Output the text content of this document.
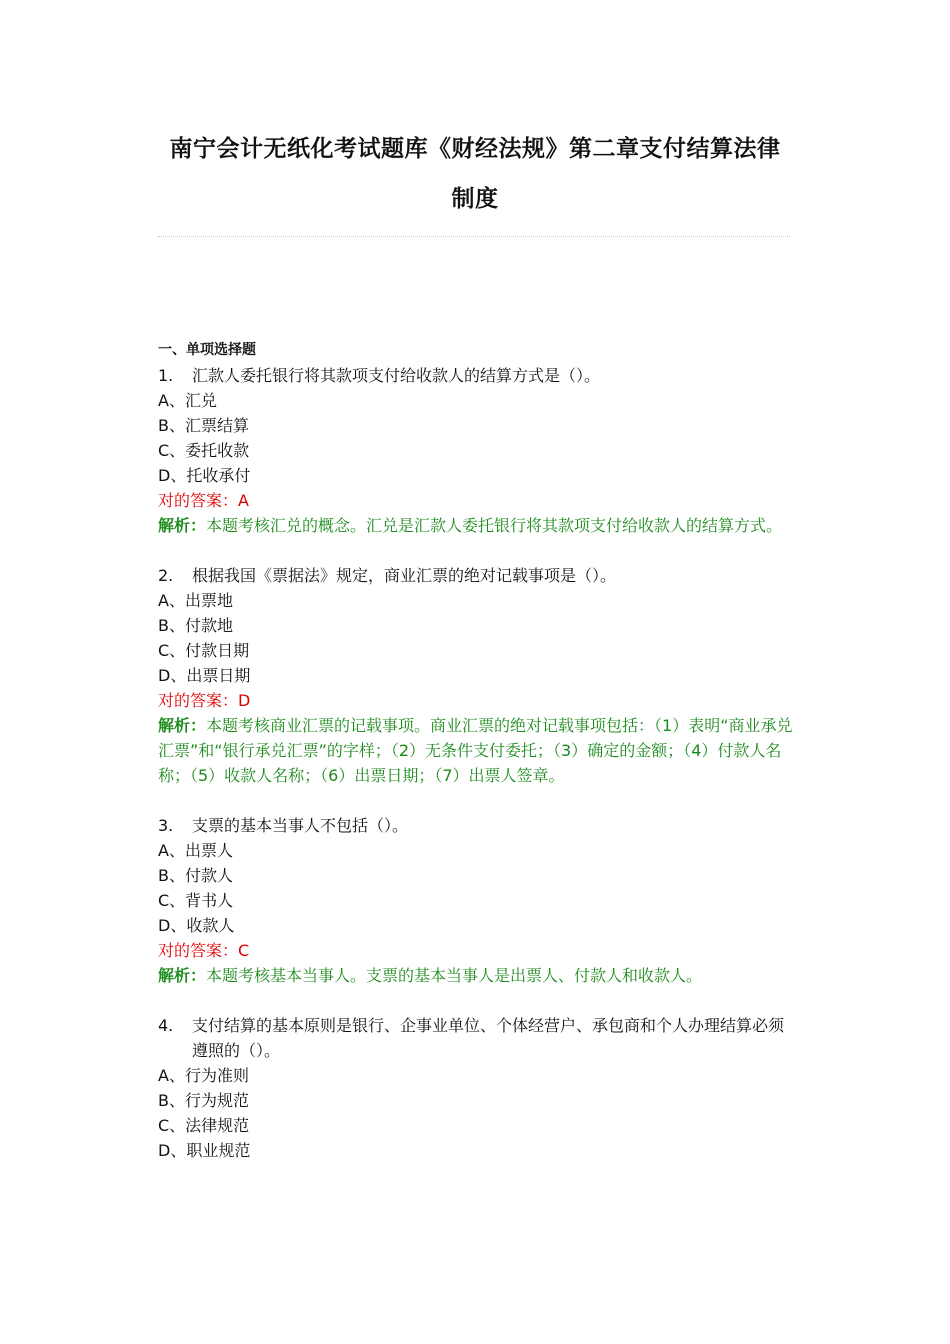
南宁会计无纸化考试题库《财经法规》第二章支付结算法律
制度
一、单项选择题
1.	汇款人委托银行将其款项支付给收款人的结算方式是（）。
A、汇兑
B、汇票结算
C、委托收款
D、托收承付
对的答案：A
解析：本题考核汇兑的概念。汇兑是汇款人委托银行将其款项支付给收款人的结算方式。
2.	根据我国《票据法》规定，商业汇票的绝对记载事项是（）。
A、出票地
B、付款地
C、付款日期
D、出票日期
对的答案：D
解析：本题考核商业汇票的记载事项。商业汇票的绝对记载事项包括：（1）表明“商业承兑汇票”和“银行承兑汇票”的字样；（2）无条件支付委托；（3）确定的金额；（4）付款人名称；（5）收款人名称；（6）出票日期；（7）出票人签章。
3.	支票的基本当事人不包括（）。
A、出票人
B、付款人
C、背书人
D、收款人
对的答案：C
解析：本题考核基本当事人。支票的基本当事人是出票人、付款人和收款人。
4.	支付结算的基本原则是银行、企事业单位、个体经营户、承包商和个人办理结算必须遵照的（）。
A、行为准则
B、行为规范
C、法律规范
D、职业规范
